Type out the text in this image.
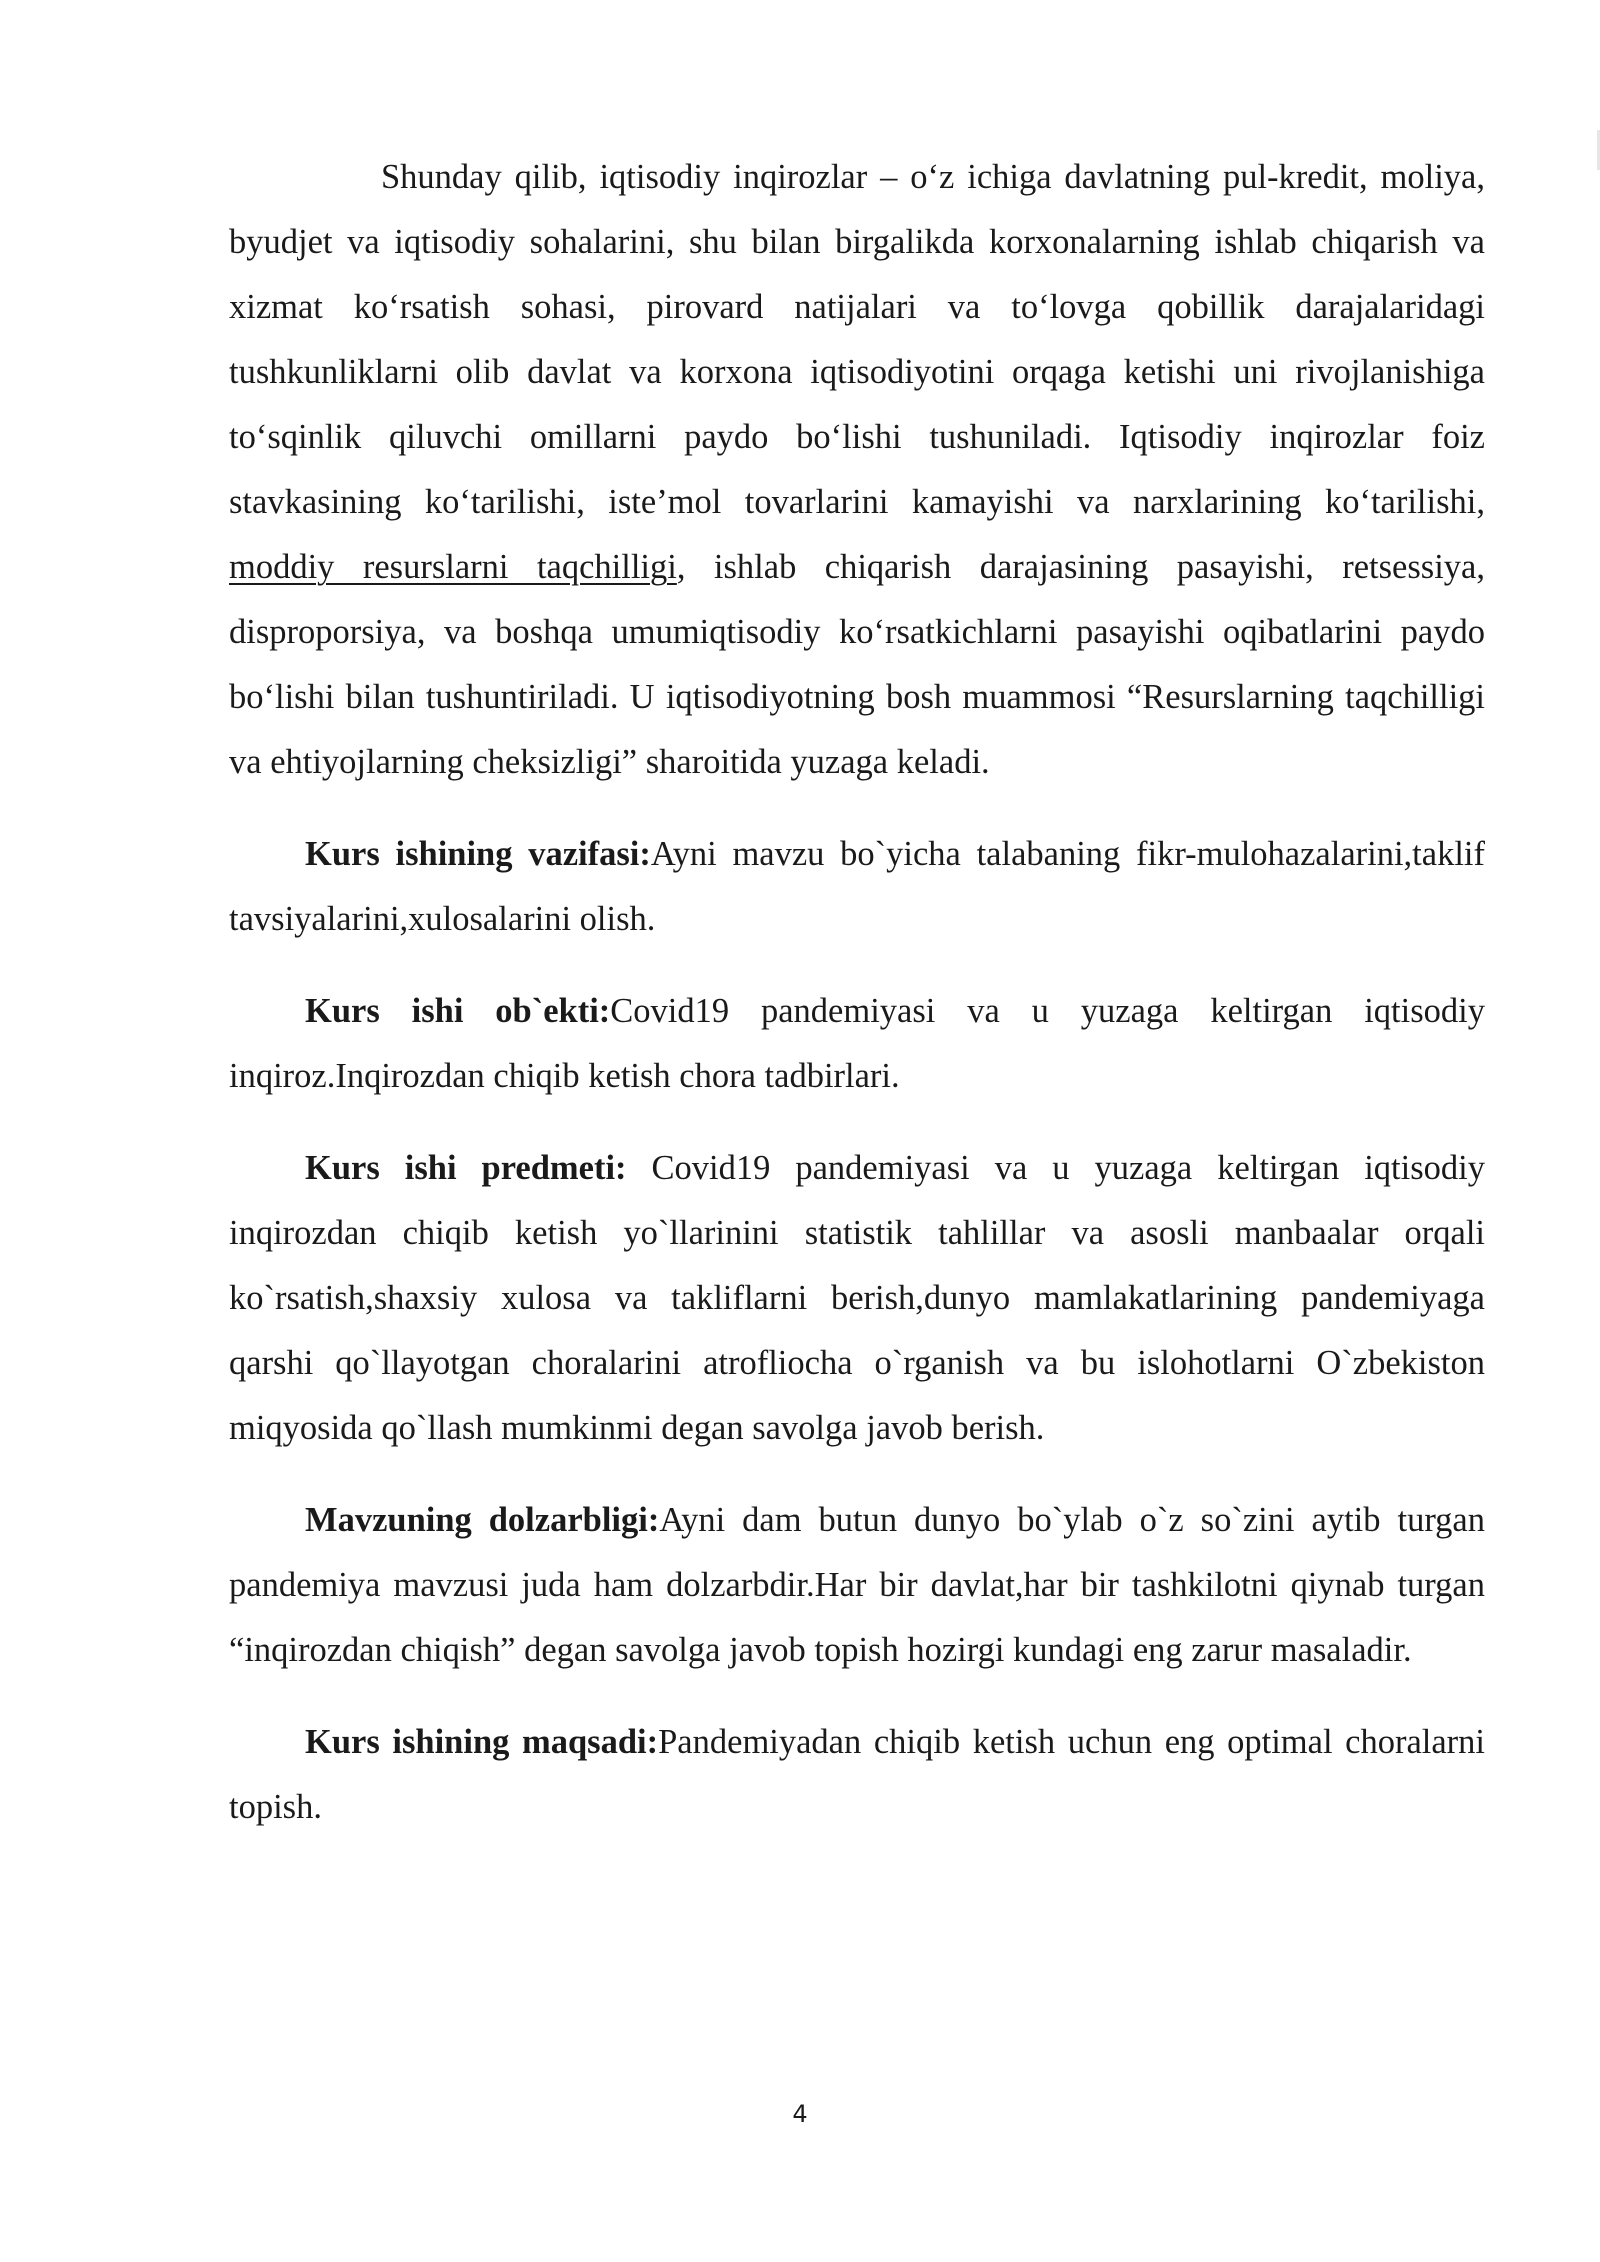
Shunday qilib, iqtisodiy inqirozlar – o‘z ichiga davlatning pul-kredit, moliya, byudjet va iqtisodiy sohalarini, shu bilan birgalikda korxonalarning ishlab chiqarish va xizmat ko‘rsatish sohasi, pirovard natijalari va to‘lovga qobillik darajalaridagi tushkunliklarni olib davlat va korxona iqtisodiyotini orqaga ketishi uni rivojlanishiga to‘sqinlik qiluvchi omillarni paydo bo‘lishi tushuniladi. Iqtisodiy inqirozlar foiz stavkasining ko‘tarilishi, iste’mol tovarlarini kamayishi va narxlarining ko‘tarilishi, moddiy resurslarni taqchilligi, ishlab chiqarish darajasining pasayishi, retsessiya, disproporsiya, va boshqa umumiqtisodiy ko‘rsatkichlarni pasayishi oqibatlarini paydo bo‘lishi bilan tushuntiriladi. U iqtisodiyotning bosh muammosi “Resurslarning taqchilligi va ehtiyojlarning cheksizligi” sharoitida yuzaga keladi.

Kurs ishining vazifasi:Ayni mavzu bo`yicha talabaning fikr-mulohazalarini,taklif tavsiyalarini,xulosalarini olish.

Kurs ishi ob`ekti:Covid19 pandemiyasi va u yuzaga keltirgan iqtisodiy inqiroz.Inqirozdan chiqib ketish chora tadbirlari.

Kurs ishi predmeti: Covid19 pandemiyasi va u yuzaga keltirgan iqtisodiy inqirozdan chiqib ketish yo`llarinini statistik tahlillar va asosli manbaalar orqali ko`rsatish,shaxsiy xulosa va takliflarni berish,dunyo mamlakatlarining pandemiyaga qarshi qo`llayotgan choralarini atrofliocha o`rganish va bu islohotlarni O`zbekiston miqyosida qo`llash mumkinmi degan savolga javob berish.

Mavzuning dolzarbligi:Ayni dam butun dunyo bo`ylab o`z so`zini aytib turgan pandemiya mavzusi juda ham dolzarbdir.Har bir davlat,har bir tashkilotni qiynab turgan “inqirozdan chiqish” degan savolga javob topish hozirgi kundagi eng zarur masaladir.

Kurs ishining maqsadi:Pandemiyadan chiqib ketish uchun eng optimal choralarni topish.

4
